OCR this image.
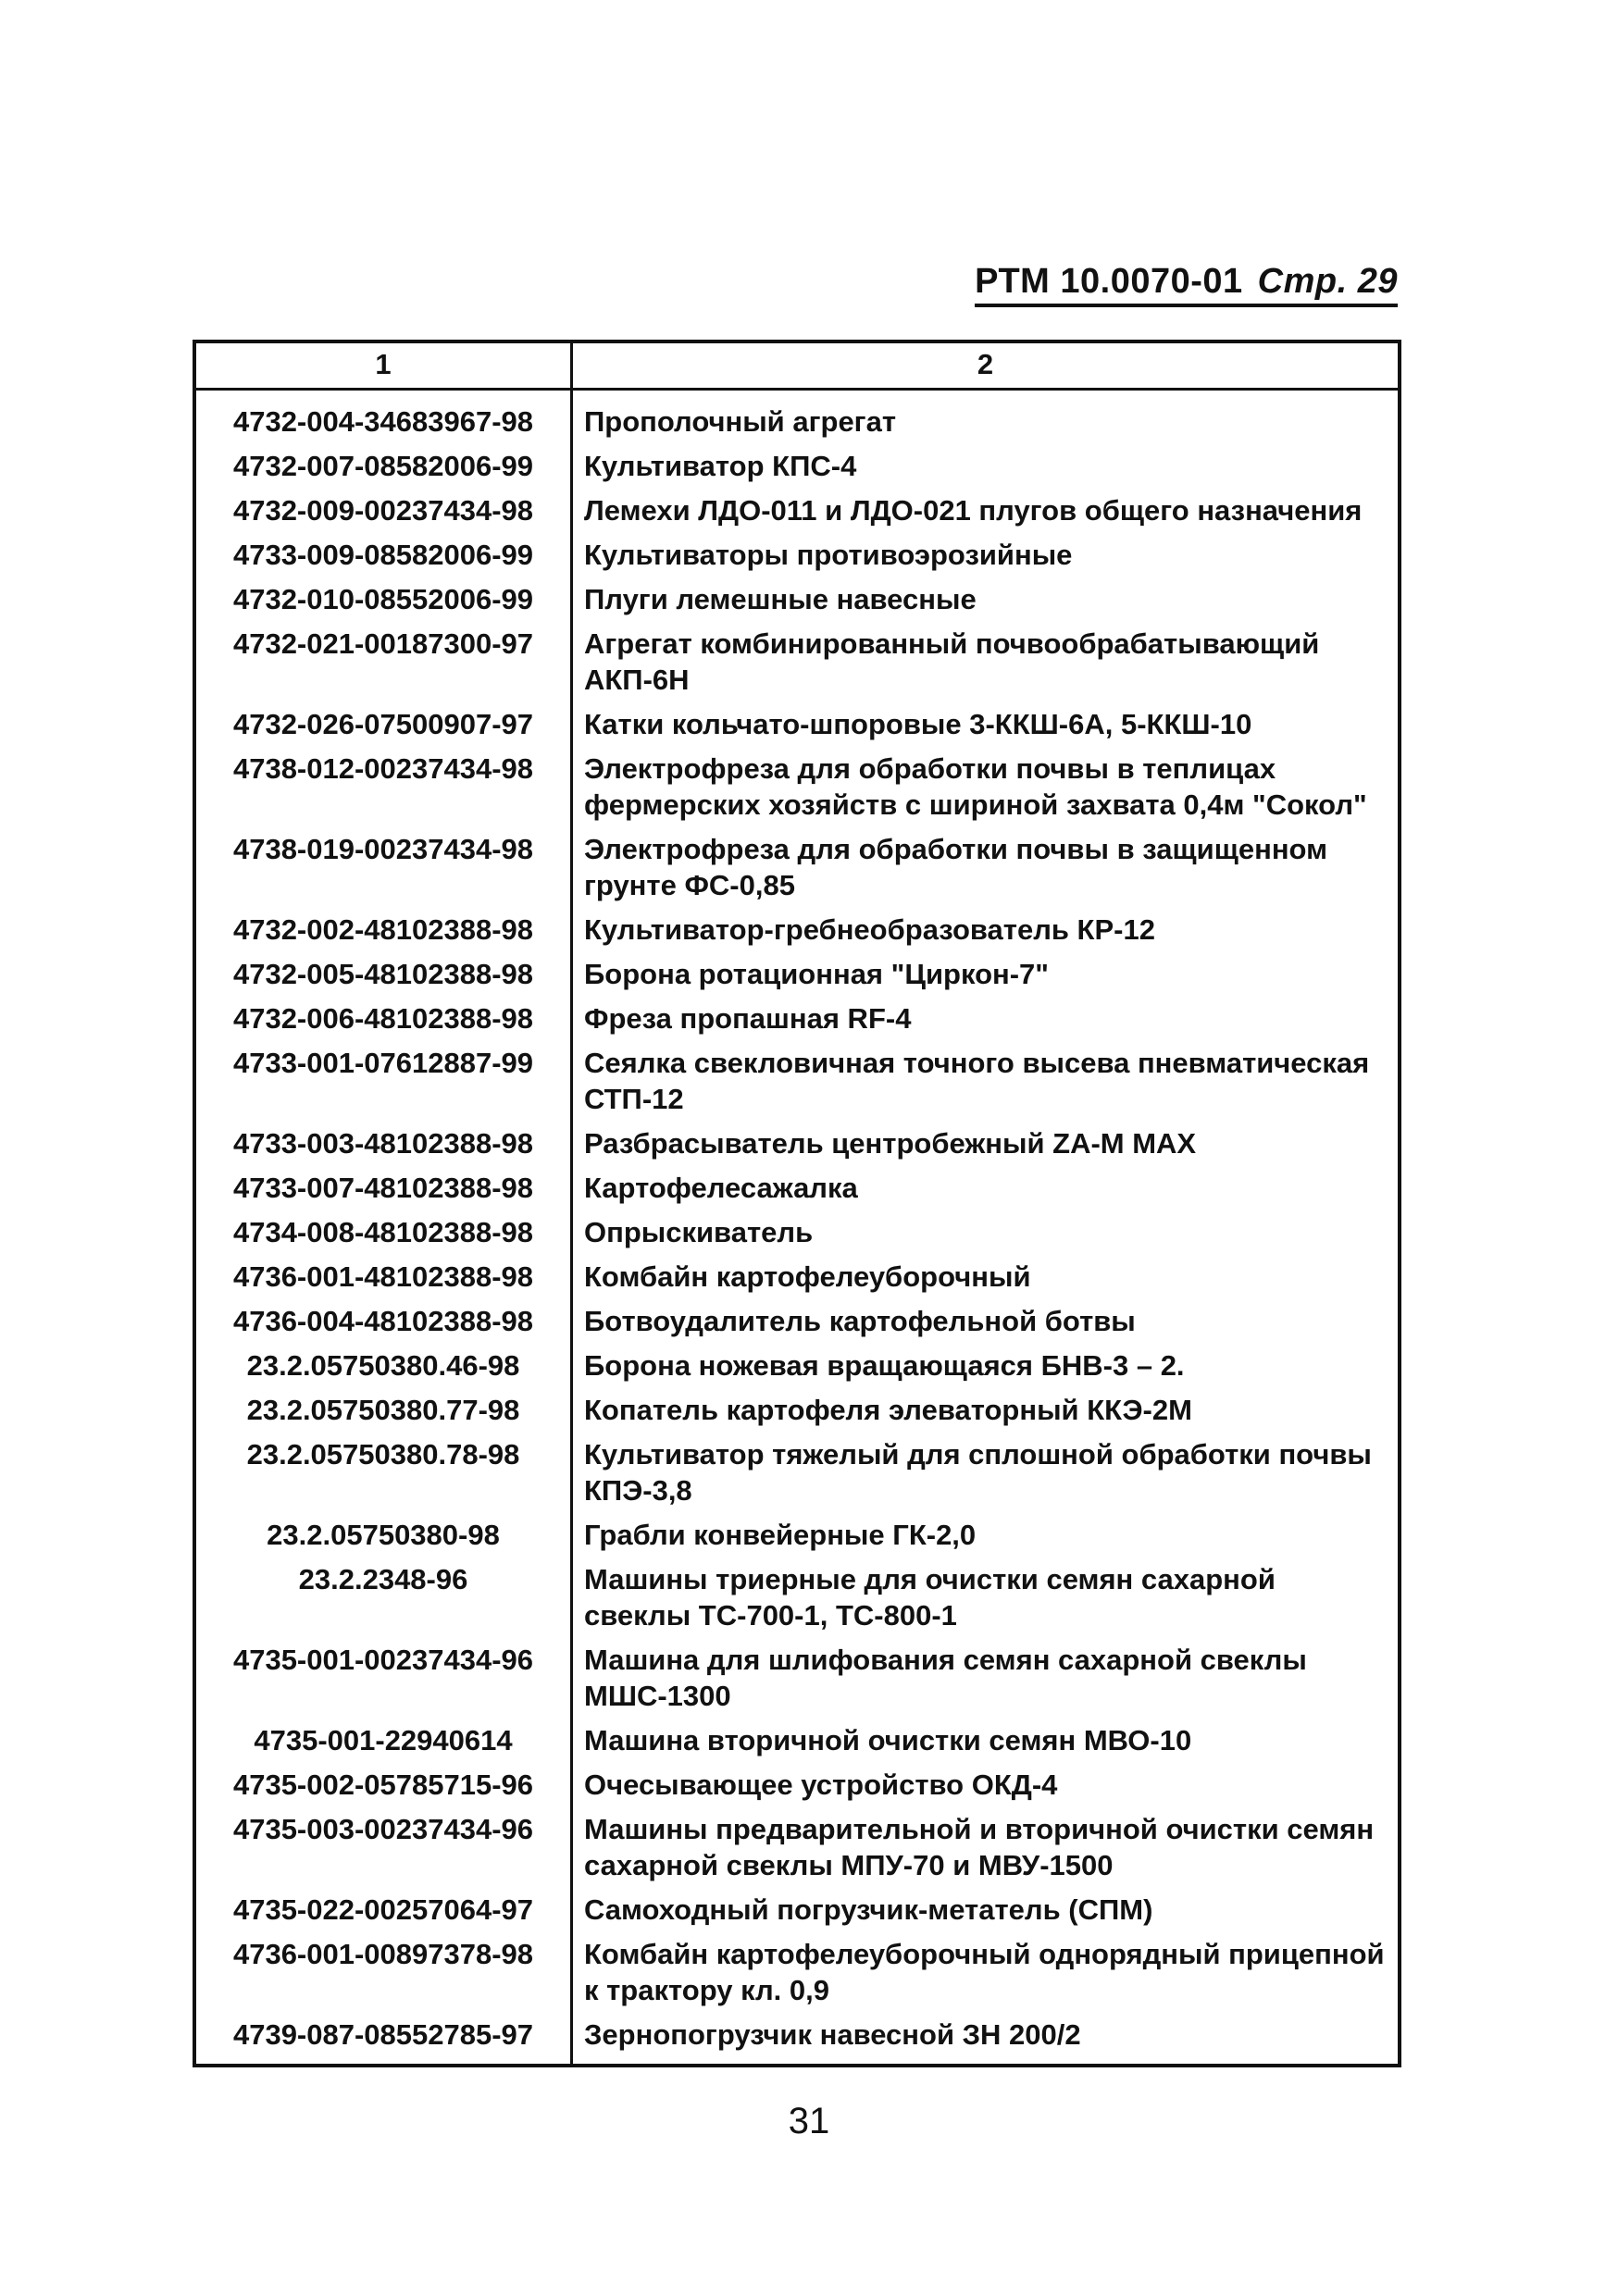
РТМ 10.0070-01 Стр. 29
1	2
4732-004-34683967-98	Прополочный агрегат
4732-007-08582006-99	Культиватор КПС-4
4732-009-00237434-98	Лемехи ЛДО-011 и ЛДО-021 плугов общего назначения
4733-009-08582006-99	Культиваторы противоэрозийные
4732-010-08552006-99	Плуги лемешные навесные
4732-021-00187300-97	Агрегат комбинированный почвообрабатывающий АКП-6Н
4732-026-07500907-97	Катки кольчато-шпоровые 3-ККШ-6А, 5-ККШ-10
4738-012-00237434-98	Электрофреза для обработки почвы в теплицах фермерских хозяйств с шириной захвата 0,4м "Сокол"
4738-019-00237434-98	Электрофреза для обработки почвы в защищенном грунте ФС-0,85
4732-002-48102388-98	Культиватор-гребнеобразователь КР-12
4732-005-48102388-98	Борона ротационная "Циркон-7"
4732-006-48102388-98	Фреза пропашная RF-4
4733-001-07612887-99	Сеялка свекловичная точного высева пневматическая СТП-12
4733-003-48102388-98	Разбрасыватель центробежный ZA-M MAX
4733-007-48102388-98	Картофелесажалка
4734-008-48102388-98	Опрыскиватель
4736-001-48102388-98	Комбайн картофелеуборочный
4736-004-48102388-98	Ботвоудалитель картофельной ботвы
23.2.05750380.46-98	Борона ножевая вращающаяся БНВ-3 – 2.
23.2.05750380.77-98	Копатель картофеля элеваторный ККЭ-2М
23.2.05750380.78-98	Культиватор тяжелый для сплошной обработки почвы КПЭ-3,8
23.2.05750380-98	Грабли конвейерные ГК-2,0
23.2.2348-96	Машины триерные для очистки семян сахарной свеклы ТС-700-1, ТС-800-1
4735-001-00237434-96	Машина для шлифования семян сахарной свеклы МШС-1300
4735-001-22940614	Машина вторичной очистки семян МВО-10
4735-002-05785715-96	Очесывающее устройство ОКД-4
4735-003-00237434-96	Машины предварительной и вторичной очистки семян сахарной свеклы МПУ-70 и МВУ-1500
4735-022-00257064-97	Самоходный погрузчик-метатель (СПМ)
4736-001-00897378-98	Комбайн картофелеуборочный однорядный прицепной к трактору кл. 0,9
4739-087-08552785-97	Зернопогрузчик навесной ЗН 200/2
31
